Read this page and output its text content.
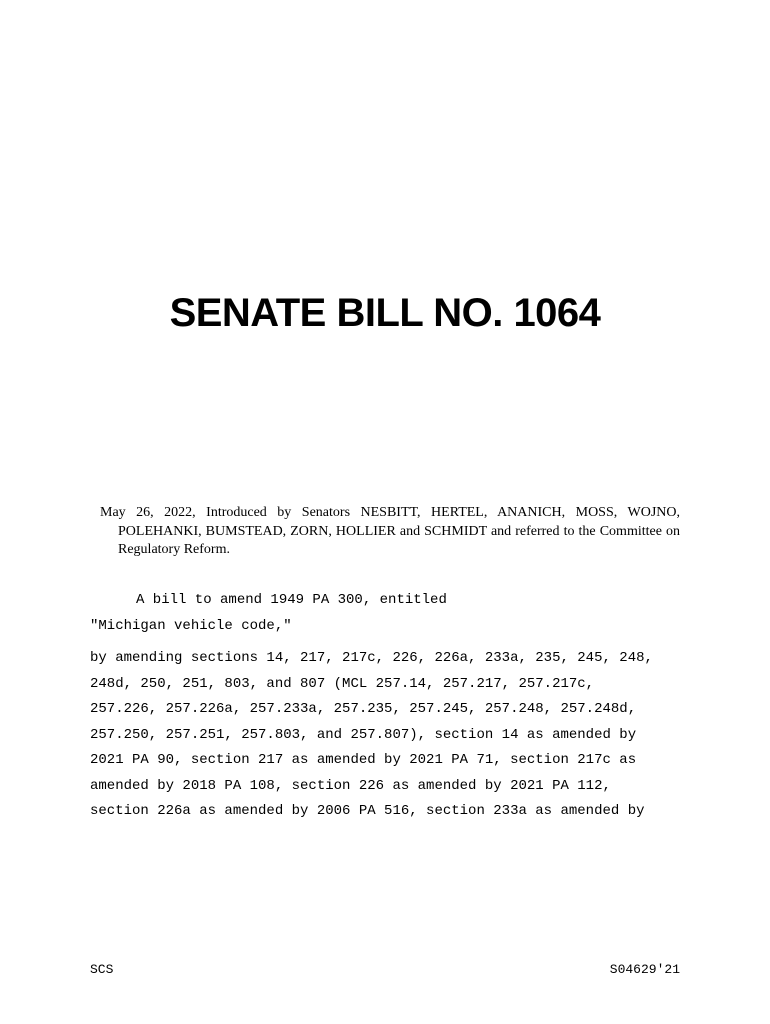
SENATE BILL NO. 1064

May 26, 2022, Introduced by Senators NESBITT, HERTEL, ANANICH, MOSS, WOJNO, POLEHANKI, BUMSTEAD, ZORN, HOLLIER and SCHMIDT and referred to the Committee on Regulatory Reform.

A bill to amend 1949 PA 300, entitled

"Michigan vehicle code,"

by amending sections 14, 217, 217c, 226, 226a, 233a, 235, 245, 248,
248d, 250, 251, 803, and 807 (MCL 257.14, 257.217, 257.217c,
257.226, 257.226a, 257.233a, 257.235, 257.245, 257.248, 257.248d,
257.250, 257.251, 257.803, and 257.807), section 14 as amended by
2021 PA 90, section 217 as amended by 2021 PA 71, section 217c as
amended by 2018 PA 108, section 226 as amended by 2021 PA 112,
section 226a as amended by 2006 PA 516, section 233a as amended by
SCS	S04629'21
